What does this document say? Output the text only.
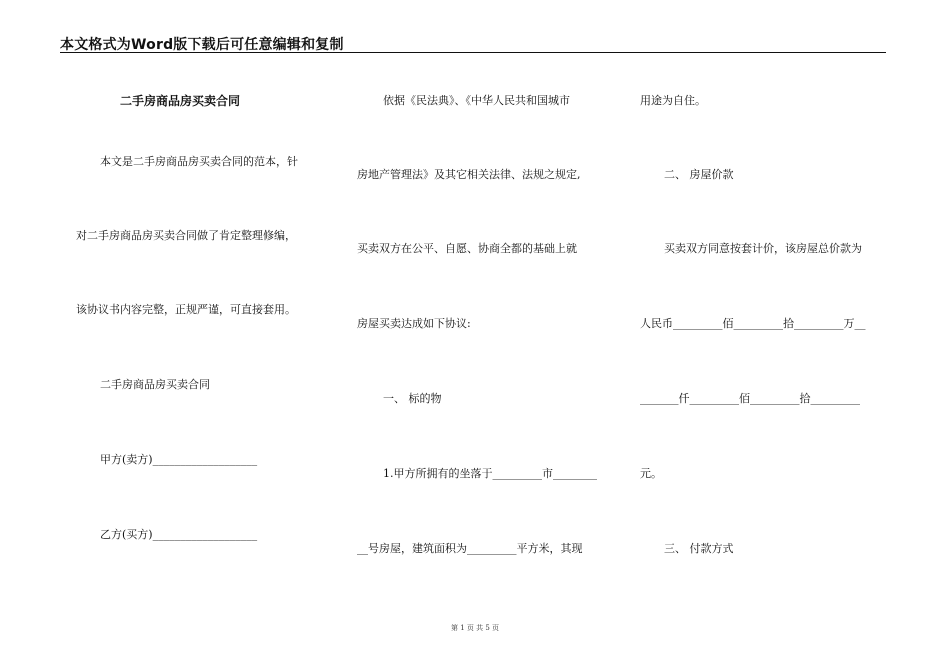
本文格式为Word版下载后可任意编辑和复制
二手房商品房买卖合同
本文是二手房商品房买卖合同的范本，针
对二手房商品房买卖合同做了肯定整理修编，
该协议书内容完整，正规严谨，可直接套用。
二手房商品房买卖合同
甲方(卖方)___________________
乙方(买方)___________________
依据《民法典》、《中华人民共和国城市
房地产管理法》及其它相关法律、法规之规定,
买卖双方在公平、自愿、协商全都的基础上就
房屋买卖达成如下协议:
一、 标的物
1.甲方所拥有的坐落于_________市________
__号房屋，建筑面积为_________平方米，其现
用途为自住。
二、 房屋价款
买卖双方同意按套计价，该房屋总价款为
人民币_________佰_________拾_________万__
_______仟_________佰_________拾_________
元。
三、 付款方式
第 1 页 共 5 页
